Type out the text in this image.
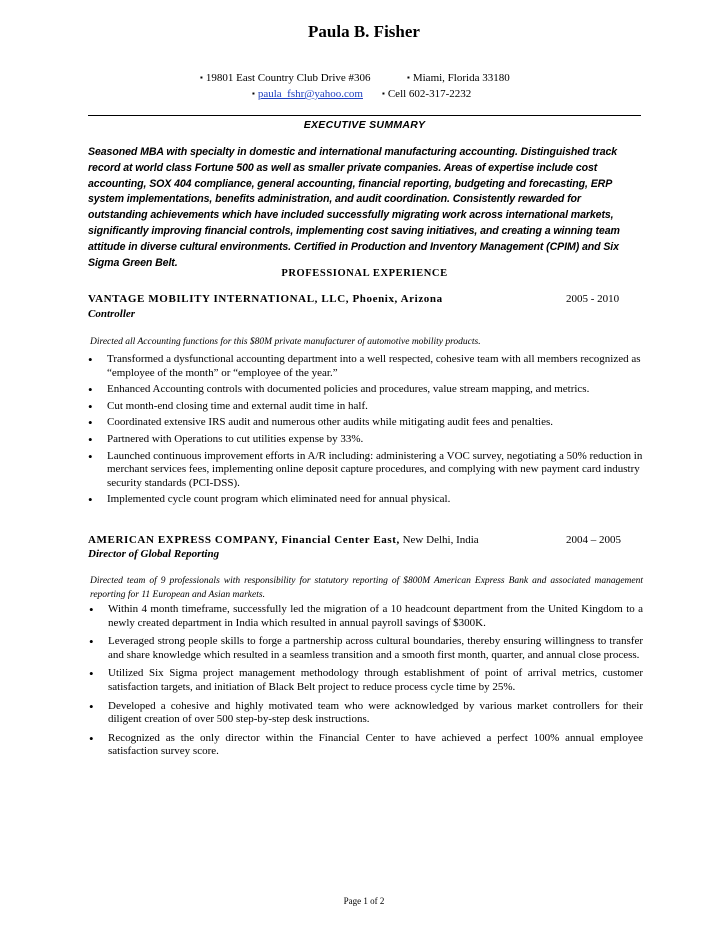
Paula B. Fisher
▪ 19801 East Country Club Drive #306	▪ Miami, Florida 33180
▪ paula_fshr@yahoo.com ▪ Cell 602-317-2232
EXECUTIVE SUMMARY
Seasoned MBA with specialty in domestic and international manufacturing accounting. Distinguished track record at world class Fortune 500 as well as smaller private companies. Areas of expertise include cost accounting, SOX 404 compliance, general accounting, financial reporting, budgeting and forecasting, ERP system implementations, benefits administration, and audit coordination. Consistently rewarded for outstanding achievements which have included successfully migrating work across international markets, significantly improving financial controls, implementing cost saving initiatives, and creating a winning team attitude in diverse cultural environments. Certified in Production and Inventory Management (CPIM) and Six Sigma Green Belt.
PROFESSIONAL EXPERIENCE
VANTAGE MOBILITY INTERNATIONAL, LLC, Phoenix, Arizona	2005 - 2010
Controller
Directed all Accounting functions for this $80M private manufacturer of automotive mobility products.
• Transformed a dysfunctional accounting department into a well respected, cohesive team with all members recognized as “employee of the month” or “employee of the year.”
• Enhanced Accounting controls with documented policies and procedures, value stream mapping, and metrics.
• Cut month-end closing time and external audit time in half.
• Coordinated extensive IRS audit and numerous other audits while mitigating audit fees and penalties.
• Partnered with Operations to cut utilities expense by 33%.
• Launched continuous improvement efforts in A/R including: administering a VOC survey, negotiating a 50% reduction in merchant services fees, implementing online deposit capture procedures, and complying with new payment card industry security standards (PCI-DSS).
• Implemented cycle count program which eliminated need for annual physical.
AMERICAN EXPRESS COMPANY, Financial Center East, New Delhi, India	2004 – 2005
Director of Global Reporting
Directed team of 9 professionals with responsibility for statutory reporting of $800M American Express Bank and associated management reporting for 11 European and Asian markets.
• Within 4 month timeframe, successfully led the migration of a 10 headcount department from the United Kingdom to a newly created department in India which resulted in annual payroll savings of $300K.
• Leveraged strong people skills to forge a partnership across cultural boundaries, thereby ensuring willingness to transfer and share knowledge which resulted in a seamless transition and a smooth first month, quarter, and annual close process.
• Utilized Six Sigma project management methodology through establishment of point of arrival metrics, customer satisfaction targets, and initiation of Black Belt project to reduce process cycle time by 25%.
• Developed a cohesive and highly motivated team who were acknowledged by various market controllers for their diligent creation of over 500 step-by-step desk instructions.
• Recognized as the only director within the Financial Center to have achieved a perfect 100% annual employee satisfaction survey score.
Page 1 of 2
